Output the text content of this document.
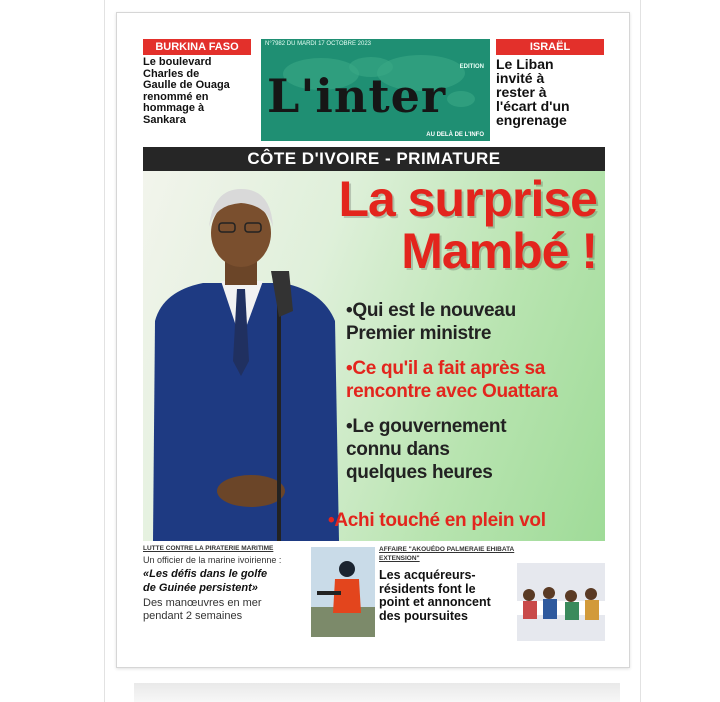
BURKINA FASO
Le boulevard
Charles de
Gaulle de Ouaga
renommé en
hommage à
Sankara
N°7982 DU MARDI 17 OCTOBRE 2023
EDITION
L'inter
AU DELÀ DE L'INFO
ISRAËL
Le Liban
invité à
rester à
l'écart d'un
engrenage
CÔTE D'IVOIRE - PRIMATURE
La surprise
Mambé !
•Qui est le nouveau
Premier ministre
•Ce qu'il a fait après sa
rencontre avec Ouattara
•Le gouvernement
connu dans
quelques heures
•Achi touché en plein vol
LUTTE CONTRE LA PIRATERIE MARITIME
Un officier de la marine ivoirienne :
«Les défis dans le golfe
de Guinée persistent»
Des manœuvres en mer
pendant 2 semaines
AFFAIRE "AKOUÉDO PALMERAIE EHIBATA
EXTENSION"
Les acquéreurs-
résidents font le
point et annoncent
des poursuites
